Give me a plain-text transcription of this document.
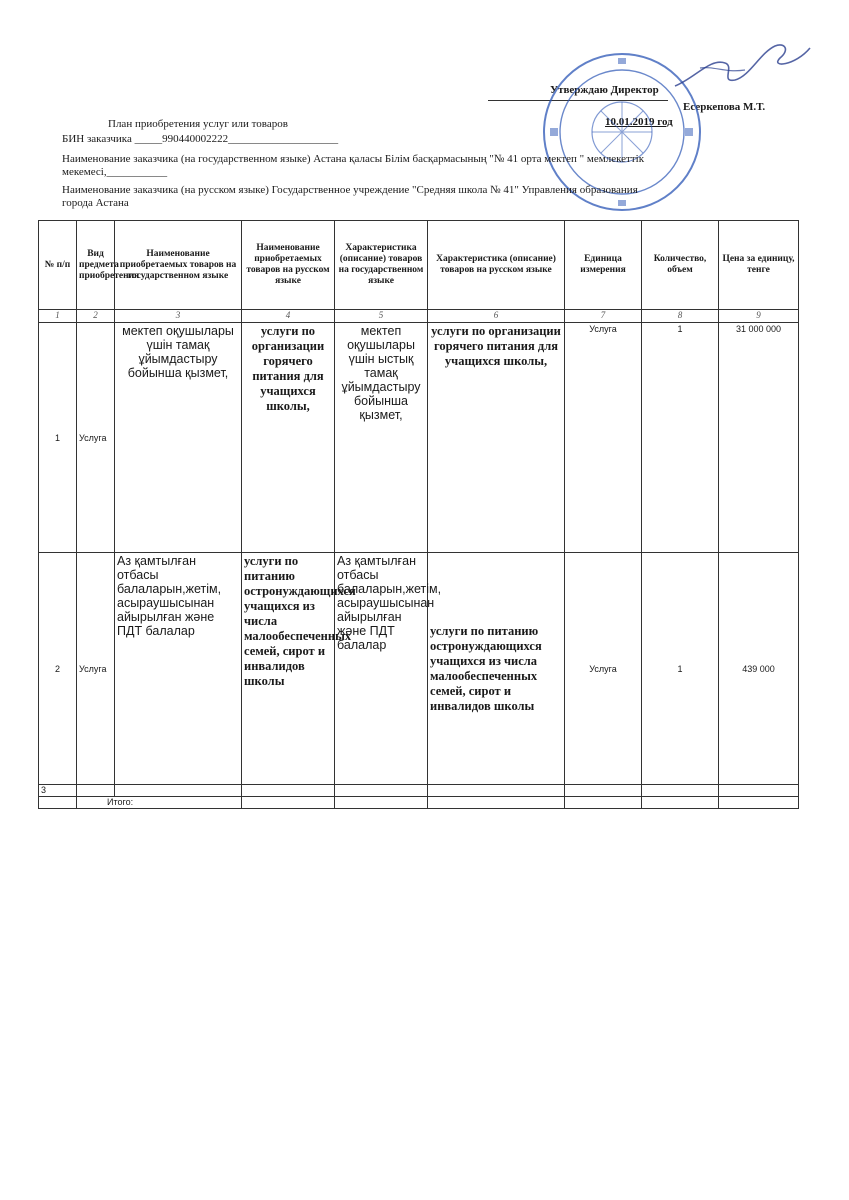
Утверждаю Директор
Есеркепова М.Т.
10.01.2019 год
План приобретения услуг или товаров
БИН заказчика _____990440002222____________________
Наименование заказчика (на государственном языке) Астана қаласы Білім басқармасының "№ 41 орта мектеп " мемлекеттік
мекемесі,___________
Наименование заказчика (на русском языке) Государственное учреждение "Средняя школа № 41" Управления образования
города Астана
№ п/п	Вид предмета приобретения	Наименование приобретаемых товаров на государственном языке	Наименование приобретаемых товаров на русском языке	Характеристика (описание) товаров на государственном языке	Характеристика (описание) товаров на русском языке	Единица измерения	Количество, объем	Цена за единицу, тенге
1	2	3	4	5	6	7	8	9
1	Услуга	мектеп оқушылары үшін тамақ ұйымдастыру бойынша қызмет,	услуги по организации горячего питания для учащихся школы,	мектеп оқушылары үшін ыстық тамақ ұйымдастыру бойынша қызмет,	услуги по организации горячего питания для учащихся школы,	Услуга	1	31 000 000
2	Услуга	Аз қамтылған отбасы балаларын,жетім, асыраушысынан айырылған және ПДТ балалар	услуги по питанию остронуждающихся учащихся из числа малообеспеченных семей, сирот и инвалидов школы	Аз қамтылған отбасы балаларын,жетім, асыраушысынан айырылған және ПДТ балалар	услуги по питанию остронуждающихся учащихся из числа малообеспеченных семей, сирот и инвалидов школы	Услуга	1	439 000
3								
	Итого:							
